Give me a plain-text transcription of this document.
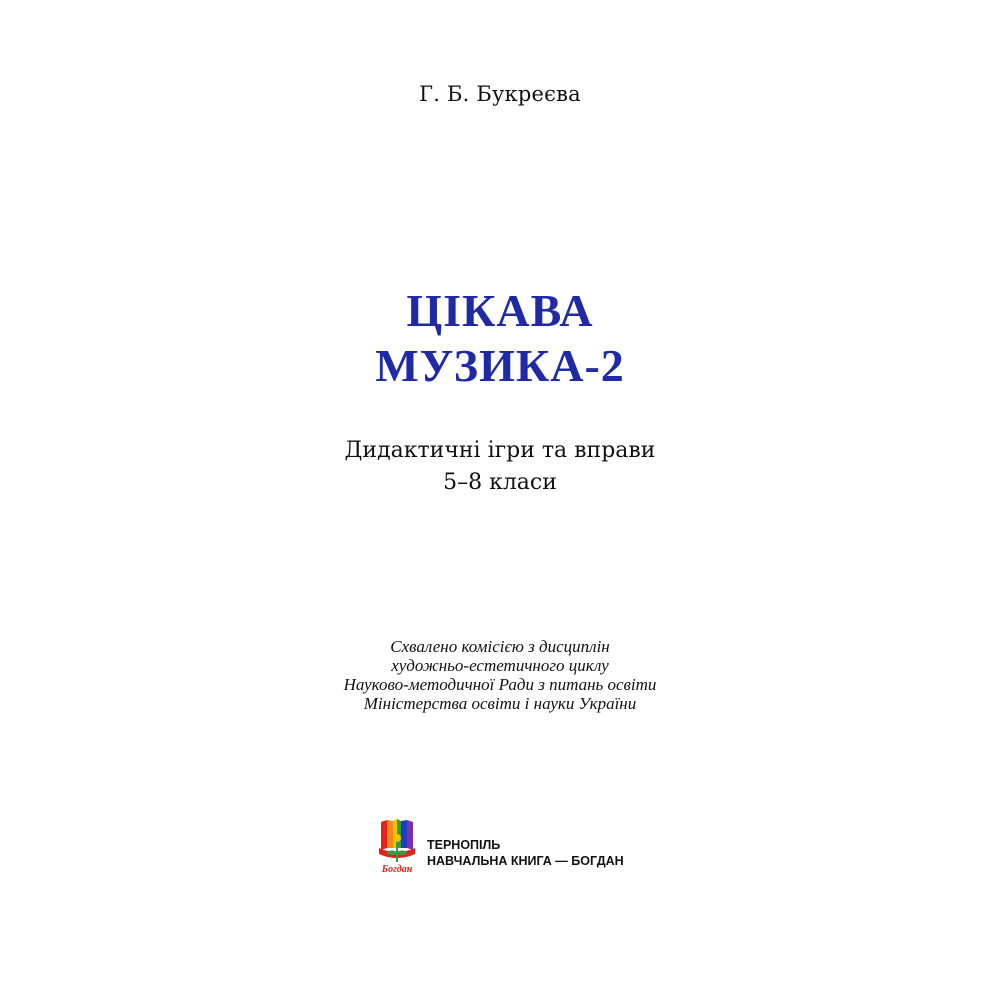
Г. Б. Букреєва
ЦІКАВА
МУЗИКА-2
Дидактичні ігри та вправи
5–8 класи
Схвалено комісією з дисциплін
художньо-естетичного циклу
Науково-методичної Ради з питань освіти
Міністерства освіти і науки України
Богдан
ТЕРНОПІЛЬ
НАВЧАЛЬНА КНИГА — БОГДАН
